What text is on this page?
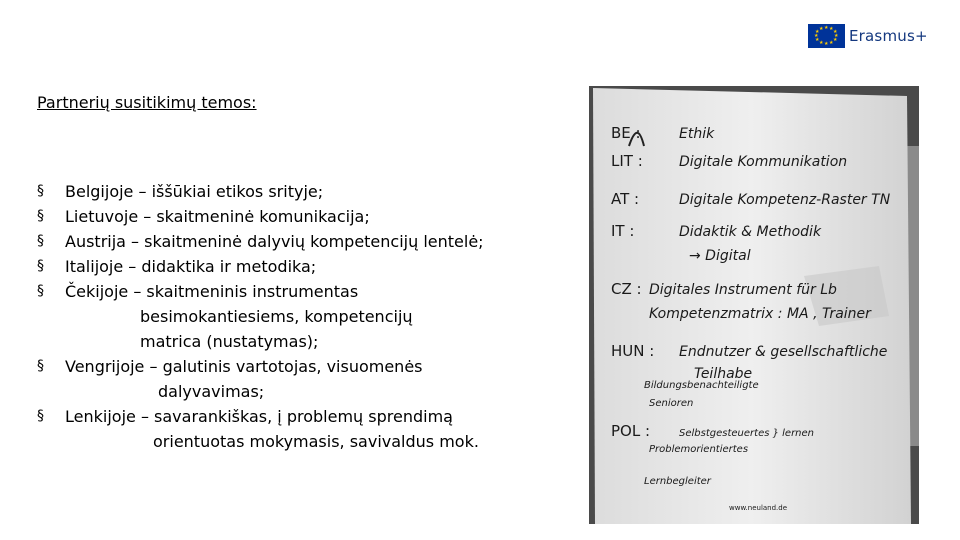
★ ★ ★
★
★
★
★
★
★
★
★ ★ Erasmus+
Partnerių susitikimų temos:
§ Belgijoje – iššūkiai etikos srityje;
§ Lietuvoje – skaitmeninė komunikacija;
§ Austrija – skaitmeninė dalyvių kompetencijų lentelė;
§ Italijoje – didaktika ir metodika;
§ Čekijoje – skaitmeninis instrumentas
besimokantiesiems, kompetencijų
matrica (nustatymas);
§ Vengrijoje – galutinis vartotojas, visuomenės
dalyvavimas;
§ Lenkijoje – savarankiškas, į problemų sprendimą
orientuotas mokymasis, savivaldus mok.
BE :	Ethik
LIT :	Digitale Kommunikation
AT :	Digitale Kompetenz-Raster TN
IT :	Didaktik & Methodik
→ Digital
CZ : Digitales Instrument für Lb
Kompetenzmatrix : MA , Trainer
HUN : Endnutzer & gesellschaftliche
Teilhabe
Bildungsbenachteiligte
Senioren
POL :	Selbstgesteuertes } lernen
Problemorientiertes
Lernbegleiter
www.neuland.de
